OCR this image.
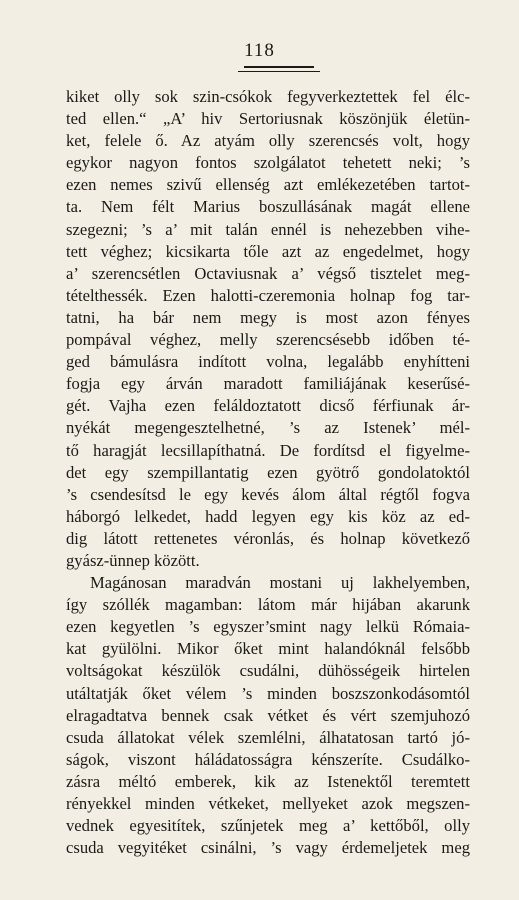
118
kiket olly sok szin-csókok fegyverkeztettek fel élc-
ted ellen.“ „A’ hiv Sertoriusnak köszönjük életün-
ket, felele ő. Az atyám olly szerencsés volt, hogy
egykor nagyon fontos szolgálatot tehetett neki; ’s
ezen nemes szivű ellenség azt emlékezetében tartot-
ta. Nem félt Marius boszullásának magát ellene
szegezni; ’s a’ mit talán ennél is nehezebben vihe-
tett véghez; kicsikarta tőle azt az engedelmet, hogy
a’ szerencsétlen Octaviusnak a’ végső tisztelet meg-
tételthessék. Ezen halotti-czeremonia holnap fog tar-
tatni, ha bár nem megy is most azon fényes
pompával véghez, melly szerencsésebb időben té-
ged bámulásra indított volna, legalább enyhítteni
fogja egy árván maradott familiájának keserűsé-
gét. Vajha ezen feláldoztatott dicső férfiunak ár-
nyékát megengesztelhetné, ’s az Istenek’ mél-
tő haragját lecsillapíthatná. De fordítsd el figyelme-
det egy szempillantatig ezen gyötrő gondolatoktól
’s csendesítsd le egy kevés álom által régtől fogva
háborgó lelkedet, hadd legyen egy kis köz az ed-
dig látott rettenetes véronlás, és holnap következő
gyász-ünnep között.
Magánosan maradván mostani uj lakhelyemben,
így szóllék magamban: látom már hijában akarunk
ezen kegyetlen ’s egyszer’smint nagy lelkü Rómaia-
kat gyülölni. Mikor őket mint halandóknál felsőbb
voltságokat készülök csudálni, dühösségeik hirtelen
utáltatják őket vélem ’s minden boszszonkodásomtól
elragadtatva bennek csak vétket és vért szemjuhozó
csuda állatokat vélek szemlélni, álhatatosan tartó jó-
ságok, viszont háládatosságra kénszeríte. Csudálko-
zásra méltó emberek, kik az Istenektől teremtett
rényekkel minden vétkeket, mellyeket azok megszen-
vednek egyesitítek, szűnjetek meg a’ kettőből, olly
csuda vegyitéket csinálni, ’s vagy érdemeljetek meg
